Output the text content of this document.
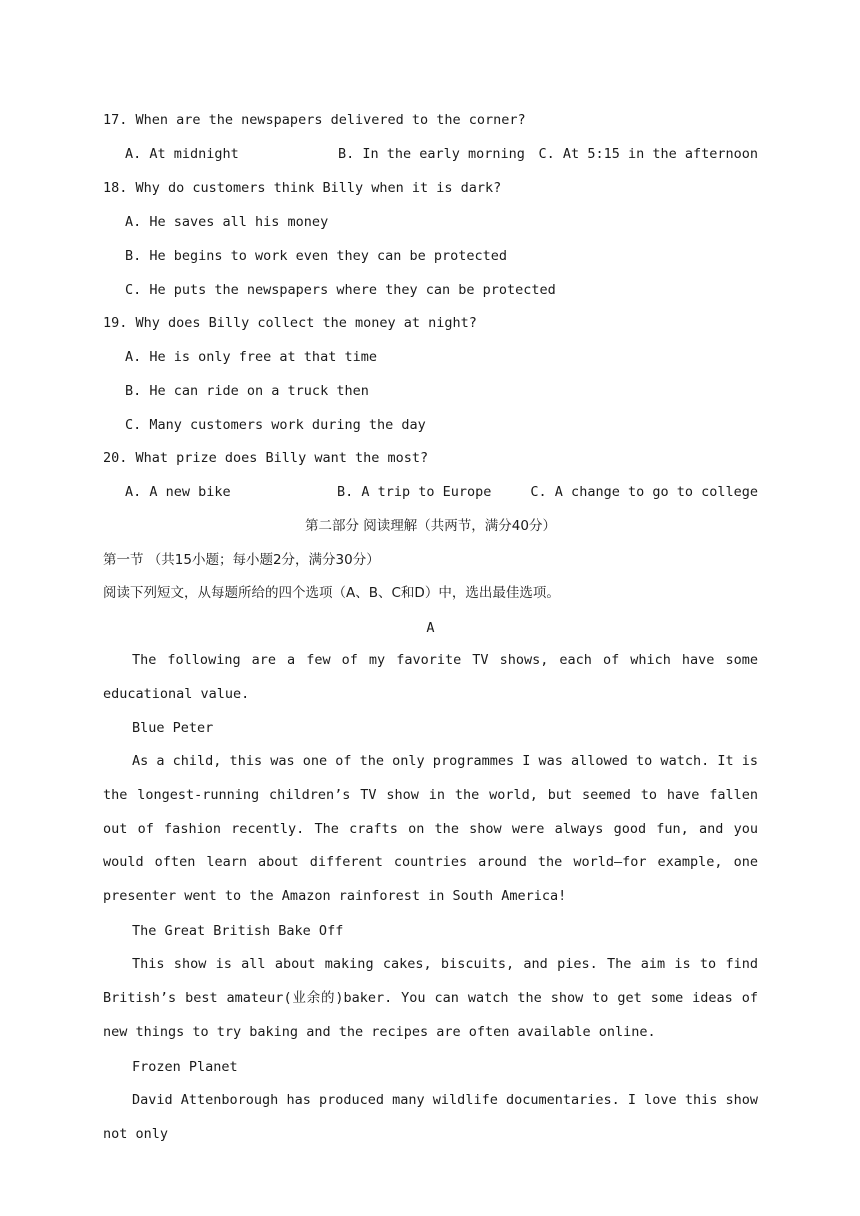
17. When are the newspapers delivered to the corner?
A. At midnight	B. In the early morning C. At 5:15 in the afternoon
18. Why do customers think Billy when it is dark?
A. He saves all his money
B. He begins to work even they can be protected
C. He puts the newspapers where they can be protected
19. Why does Billy collect the money at night?
A. He is only free at that time
B. He can ride on a truck then
C. Many customers work during the day
20. What prize does Billy want the most?
A. A new bike	B. A trip to Europe	C. A change to go to college
第二部分 阅读理解（共两节，满分40分）
第一节 （共15小题；每小题2分，满分30分）
阅读下列短文，从每题所给的四个选项（A、B、C和D）中，选出最佳选项。
A
The following are a few of my favorite TV shows, each of which have some educational value.
Blue Peter
As a child, this was one of the only programmes I was allowed to watch. It is the longest-running children’s TV show in the world, but seemed to have fallen out of fashion recently. The crafts on the show were always good fun, and you would often learn about different countries around the world—for example, one presenter went to the Amazon rainforest in South America!
The Great British Bake Off
This show is all about making cakes, biscuits, and pies. The aim is to find British’s best amateur(业余的)baker. You can watch the show to get some ideas of new things to try baking and the recipes are often available online.
Frozen Planet
David Attenborough has produced many wildlife documentaries. I love this show not only
